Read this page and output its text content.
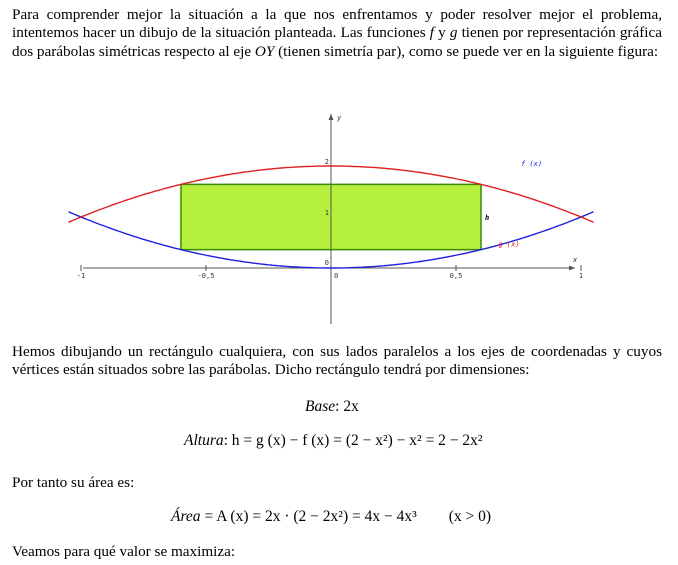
Para comprender mejor la situación a la que nos enfrentamos y poder resolver mejor el problema, intentemos hacer un dibujo de la situación planteada. Las funciones f y g tienen por representación gráfica dos parábolas simétricas respecto al eje OY (tienen simetría par), como se puede ver en la siguiente figura:

-1	-0,5	0	0,5	1
1
2
0	x
y
f (x)
g (x)
h

Hemos dibujando un rectángulo cualquiera, con sus lados paralelos a los ejes de coordenadas y cuyos vértices están situados sobre las parábolas. Dicho rectángulo tendrá por dimensiones:

Base: 2x
Altura: h = g (x) − f (x) = (2 − x²) − x² = 2 − 2x²

Por tanto su área es:

Área = A (x) = 2x · (2 − 2x²) = 4x − 4x³ (x > 0)

Veamos para qué valor se maximiza:
